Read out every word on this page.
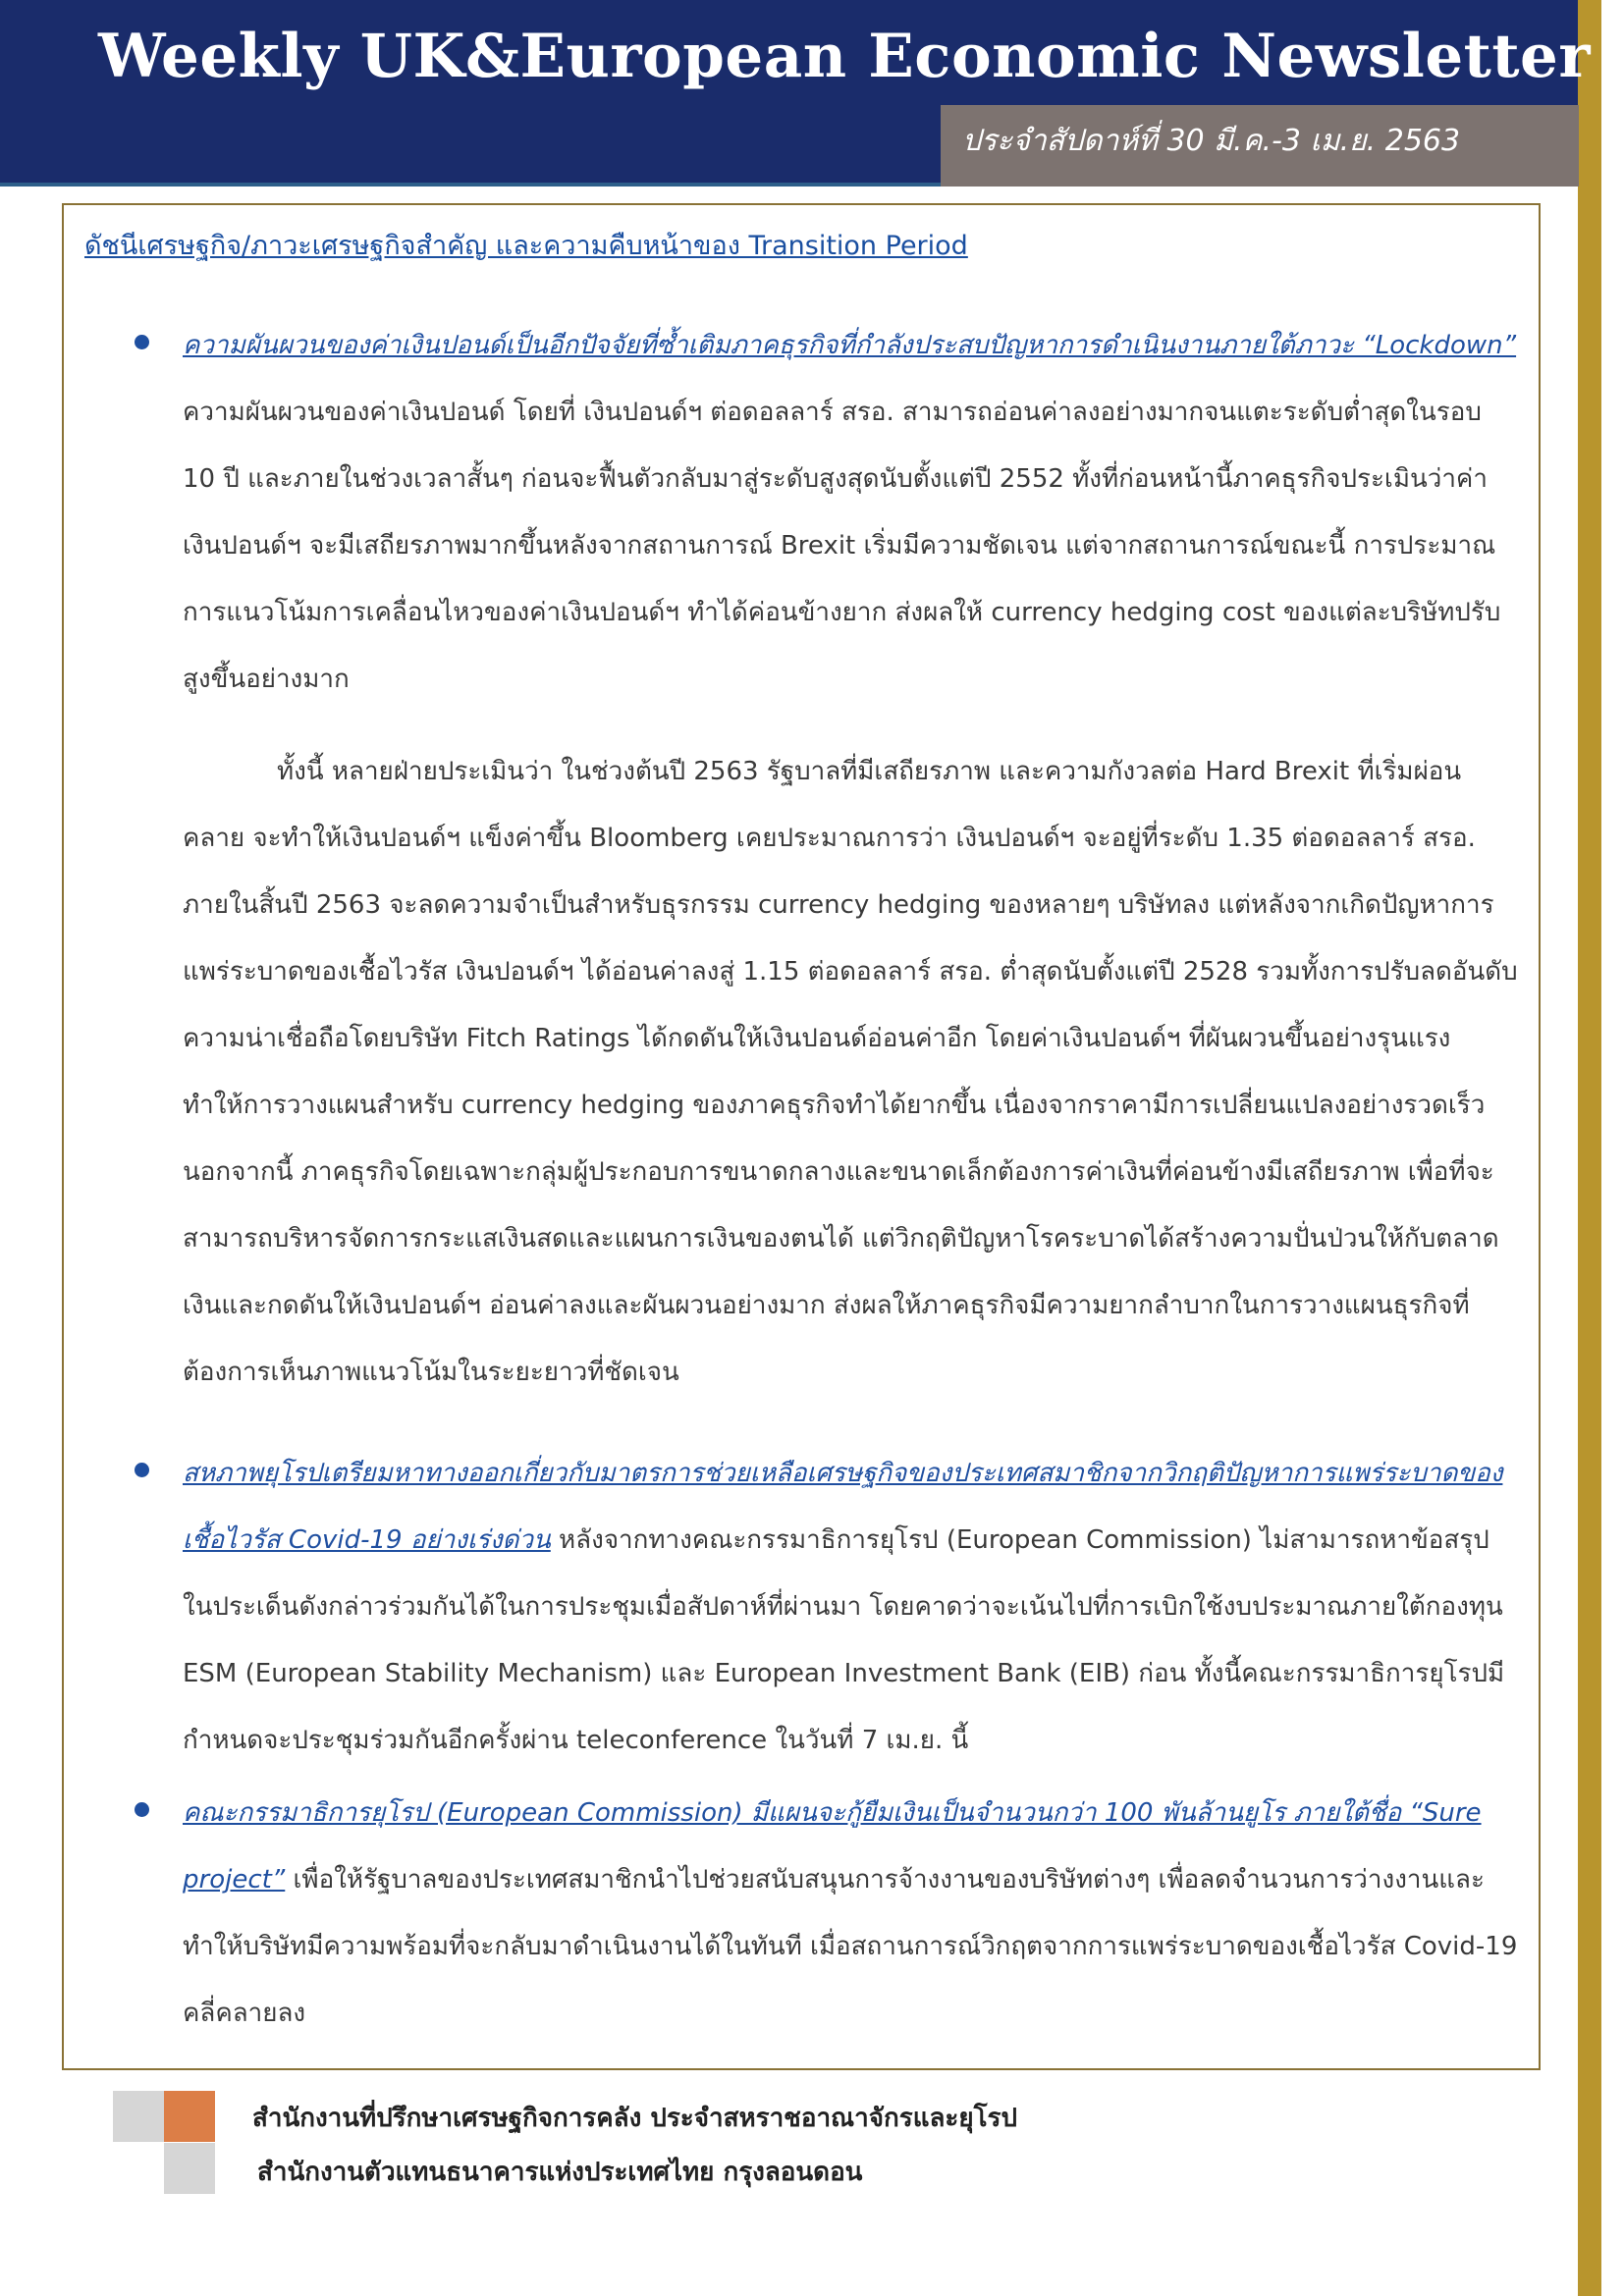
Weekly UK&European Economic Newsletter
ประจำสัปดาห์ที่ 30 มี.ค.-3 เม.ย. 2563
ดัชนีเศรษฐกิจ/ภาวะเศรษฐกิจสำคัญ และความคืบหน้าของ Transition Period
ความผันผวนของค่าเงินปอนด์เป็นอีกปัจจัยที่ซ้ำเติมภาคธุรกิจที่กำลังประสบปัญหาการดำเนินงานภายใต้ภาวะ “Lockdown” ความผันผวนของค่าเงินปอนด์ โดยที่ เงินปอนด์ฯ ต่อดอลลาร์ สรอ. สามารถอ่อนค่าลงอย่างมากจนแตะระดับต่ำสุดในรอบ 10 ปี และภายในช่วงเวลาสั้นๆ ก่อนจะฟื้นตัวกลับมาสู่ระดับสูงสุดนับตั้งแต่ปี 2552 ทั้งที่ก่อนหน้านี้ภาคธุรกิจประเมินว่าค่าเงินปอนด์ฯ จะมีเสถียรภาพมากขึ้นหลังจากสถานการณ์ Brexit เริ่มมีความชัดเจน แต่จากสถานการณ์ขณะนี้ การประมาณการแนวโน้มการเคลื่อนไหวของค่าเงินปอนด์ฯ ทำได้ค่อนข้างยาก ส่งผลให้ currency hedging cost ของแต่ละบริษัทปรับสูงขึ้นอย่างมาก
ทั้งนี้ หลายฝ่ายประเมินว่า ในช่วงต้นปี 2563 รัฐบาลที่มีเสถียรภาพ และความกังวลต่อ Hard Brexit ที่เริ่มผ่อนคลาย จะทำให้เงินปอนด์ฯ แข็งค่าขึ้น Bloomberg เคยประมาณการว่า เงินปอนด์ฯ จะอยู่ที่ระดับ 1.35 ต่อดอลลาร์ สรอ. ภายในสิ้นปี 2563 จะลดความจำเป็นสำหรับธุรกรรม currency hedging ของหลายๆ บริษัทลง แต่หลังจากเกิดปัญหาการแพร่ระบาดของเชื้อไวรัส เงินปอนด์ฯ ได้อ่อนค่าลงสู่ 1.15 ต่อดอลลาร์ สรอ. ต่ำสุดนับตั้งแต่ปี 2528 รวมทั้งการปรับลดอันดับความน่าเชื่อถือโดยบริษัท Fitch Ratings ได้กดดันให้เงินปอนด์อ่อนค่าอีก โดยค่าเงินปอนด์ฯ ที่ผันผวนขึ้นอย่างรุนแรง ทำให้การวางแผนสำหรับ currency hedging ของภาคธุรกิจทำได้ยากขึ้น เนื่องจากราคามีการเปลี่ยนแปลงอย่างรวดเร็ว นอกจากนี้ ภาคธุรกิจโดยเฉพาะกลุ่มผู้ประกอบการขนาดกลางและขนาดเล็กต้องการค่าเงินที่ค่อนข้างมีเสถียรภาพ เพื่อที่จะสามารถบริหารจัดการกระแสเงินสดและแผนการเงินของตนได้ แต่วิกฤติปัญหาโรคระบาดได้สร้างความปั่นป่วนให้กับตลาดเงินและกดดันให้เงินปอนด์ฯ อ่อนค่าลงและผันผวนอย่างมาก ส่งผลให้ภาคธุรกิจมีความยากลำบากในการวางแผนธุรกิจที่ต้องการเห็นภาพแนวโน้มในระยะยาวที่ชัดเจน
สหภาพยุโรปเตรียมหาทางออกเกี่ยวกับมาตรการช่วยเหลือเศรษฐกิจของประเทศสมาชิกจากวิกฤติปัญหาการแพร่ระบาดของเชื้อไวรัส Covid-19 อย่างเร่งด่วน หลังจากทางคณะกรรมาธิการยุโรป (European Commission) ไม่สามารถหาข้อสรุปในประเด็นดังกล่าวร่วมกันได้ในการประชุมเมื่อสัปดาห์ที่ผ่านมา โดยคาดว่าจะเน้นไปที่การเบิกใช้งบประมาณภายใต้กองทุน ESM (European Stability Mechanism) และ European Investment Bank (EIB) ก่อน ทั้งนี้คณะกรรมาธิการยุโรปมีกำหนดจะประชุมร่วมกันอีกครั้งผ่าน teleconference ในวันที่ 7 เม.ย. นี้
คณะกรรมาธิการยุโรป (European Commission) มีแผนจะกู้ยืมเงินเป็นจำนวนกว่า 100 พันล้านยูโร ภายใต้ชื่อ “Sure project” เพื่อให้รัฐบาลของประเทศสมาชิกนำไปช่วยสนับสนุนการจ้างงานของบริษัทต่างๆ เพื่อลดจำนวนการว่างงานและทำให้บริษัทมีความพร้อมที่จะกลับมาดำเนินงานได้ในทันที เมื่อสถานการณ์วิกฤตจากการแพร่ระบาดของเชื้อไวรัส Covid-19 คลี่คลายลง
สำนักงานที่ปรึกษาเศรษฐกิจการคลัง ประจำสหราชอาณาจักรและยุโรป
สำนักงานตัวแทนธนาคารแห่งประเทศไทย กรุงลอนดอน
